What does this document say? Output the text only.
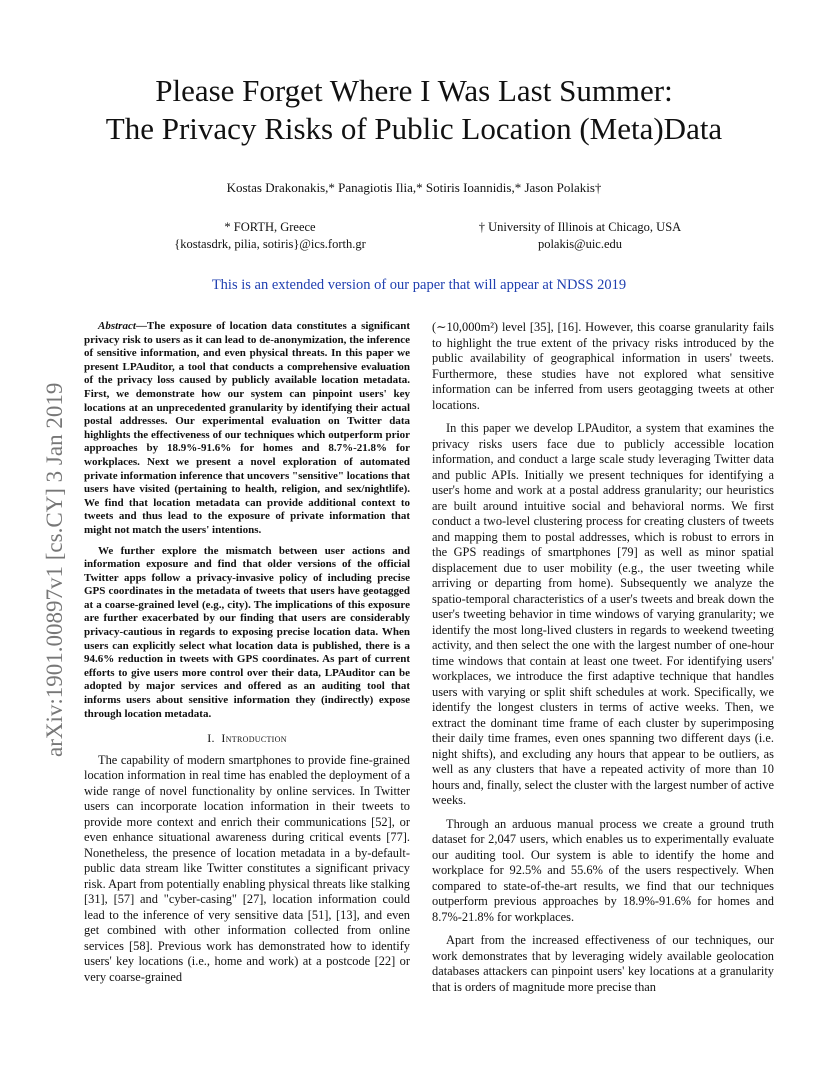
Please Forget Where I Was Last Summer:
The Privacy Risks of Public Location (Meta)Data
Kostas Drakonakis,* Panagiotis Ilia,* Sotiris Ioannidis,* Jason Polakis†
* FORTH, Greece
{kostasdrk, pilia, sotiris}@ics.forth.gr
† University of Illinois at Chicago, USA
polakis@uic.edu
This is an extended version of our paper that will appear at NDSS 2019
arXiv:1901.00897v1 [cs.CY] 3 Jan 2019

Abstract—The exposure of location data constitutes a significant privacy risk to users as it can lead to de-anonymization, the inference of sensitive information, and even physical threats. In this paper we present LPAuditor, a tool that conducts a comprehensive evaluation of the privacy loss caused by publicly available location metadata. First, we demonstrate how our system can pinpoint users' key locations at an unprecedented granularity by identifying their actual postal addresses. Our experimental evaluation on Twitter data highlights the effectiveness of our techniques which outperform prior approaches by 18.9%-91.6% for homes and 8.7%-21.8% for workplaces. Next we present a novel exploration of automated private information inference that uncovers "sensitive" locations that users have visited (pertaining to health, religion, and sex/nightlife). We find that location metadata can provide additional context to tweets and thus lead to the exposure of private information that might not match the users' intentions.

We further explore the mismatch between user actions and information exposure and find that older versions of the official Twitter apps follow a privacy-invasive policy of including precise GPS coordinates in the metadata of tweets that users have geotagged at a coarse-grained level (e.g., city). The implications of this exposure are further exacerbated by our finding that users are considerably privacy-cautious in regards to exposing precise location data. When users can explicitly select what location data is published, there is a 94.6% reduction in tweets with GPS coordinates. As part of current efforts to give users more control over their data, LPAuditor can be adopted by major services and offered as an auditing tool that informs users about sensitive information they (indirectly) expose through location metadata.

I. Introduction

The capability of modern smartphones to provide fine-grained location information in real time has enabled the deployment of a wide range of novel functionality by online services. In Twitter users can incorporate location information in their tweets to provide more context and enrich their communications [52], or even enhance situational awareness during critical events [77]. Nonetheless, the presence of location metadata in a by-default-public data stream like Twitter constitutes a significant privacy risk. Apart from potentially enabling physical threats like stalking [31], [57] and "cyber-casing" [27], location information could lead to the inference of very sensitive data [51], [13], and even get combined with other information collected from online services [58]. Previous work has demonstrated how to identify users' key locations (i.e., home and work) at a postcode [22] or very coarse-grained

(∼10,000m²) level [35], [16]. However, this coarse granularity fails to highlight the true extent of the privacy risks introduced by the public availability of geographical information in users' tweets. Furthermore, these studies have not explored what sensitive information can be inferred from users geotagging tweets at other locations.

In this paper we develop LPAuditor, a system that examines the privacy risks users face due to publicly accessible location information, and conduct a large scale study leveraging Twitter data and public APIs. Initially we present techniques for identifying a user's home and work at a postal address granularity; our heuristics are built around intuitive social and behavioral norms. We first conduct a two-level clustering process for creating clusters of tweets and mapping them to postal addresses, which is robust to errors in the GPS readings of smartphones [79] as well as minor spatial displacement due to user mobility (e.g., the user tweeting while arriving or departing from home). Subsequently we analyze the spatio-temporal characteristics of a user's tweets and break down the user's tweeting behavior in time windows of varying granularity; we identify the most long-lived clusters in regards to weekend tweeting activity, and then select the one with the largest number of one-hour time windows that contain at least one tweet. For identifying users' workplaces, we introduce the first adaptive technique that handles users with varying or split shift schedules at work. Specifically, we identify the longest clusters in terms of active weeks. Then, we extract the dominant time frame of each cluster by superimposing their daily time frames, even ones spanning two different days (i.e. night shifts), and excluding any hours that appear to be outliers, as well as any clusters that have a repeated activity of more than 10 hours and, finally, select the cluster with the largest number of active weeks.

Through an arduous manual process we create a ground truth dataset for 2,047 users, which enables us to experimentally evaluate our auditing tool. Our system is able to identify the home and workplace for 92.5% and 55.6% of the users respectively. When compared to state-of-the-art results, we find that our techniques outperform previous approaches by 18.9%-91.6% for homes and 8.7%-21.8% for workplaces.

Apart from the increased effectiveness of our techniques, our work demonstrates that by leveraging widely available geolocation databases attackers can pinpoint users' key locations at a granularity that is orders of magnitude more precise than
